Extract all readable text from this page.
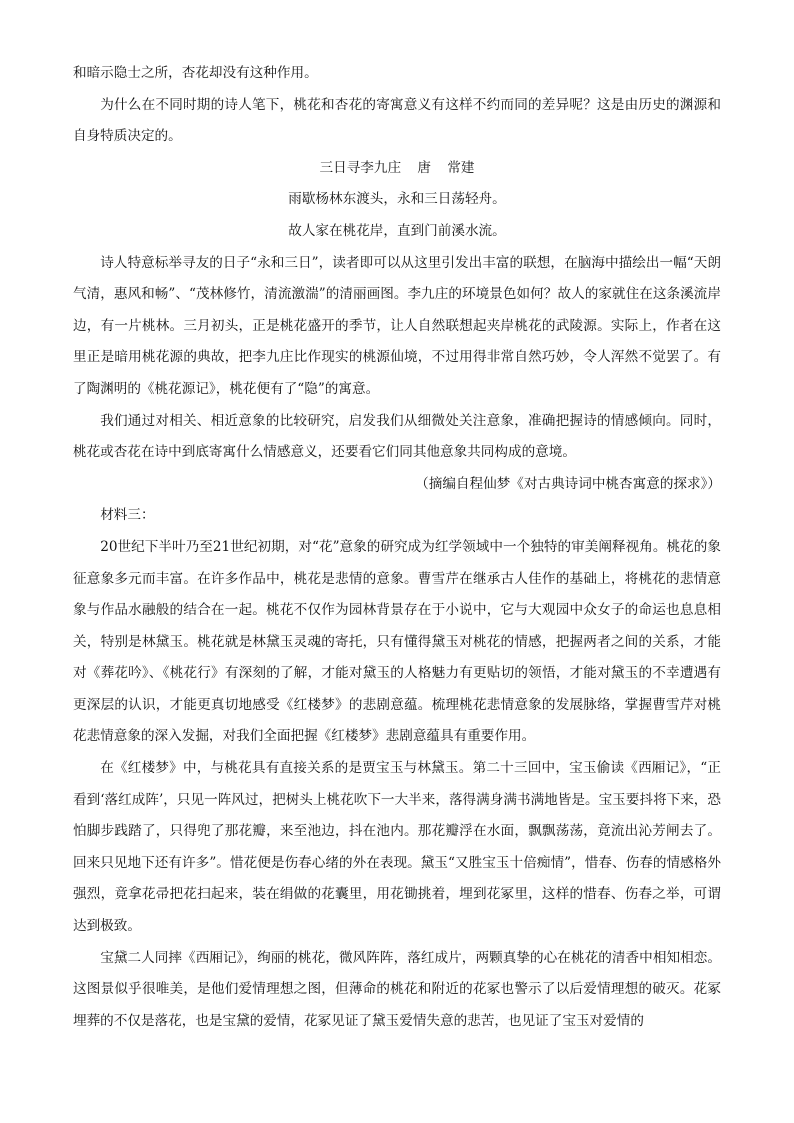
和暗示隐士之所，杏花却没有这种作用。

为什么在不同时期的诗人笔下，桃花和杏花的寄寓意义有这样不约而同的差异呢？这是由历史的渊源和自身特质决定的。

三日寻李九庄 唐 常建

雨歇杨林东渡头，永和三日荡轻舟。

故人家在桃花岸，直到门前溪水流。

诗人特意标举寻友的日子“永和三日”，读者即可以从这里引发出丰富的联想，在脑海中描绘出一幅“天朗气清，惠风和畅”、“茂林修竹，清流激湍”的清丽画图。李九庄的环境景色如何？故人的家就住在这条溪流岸边，有一片桃林。三月初头，正是桃花盛开的季节，让人自然联想起夹岸桃花的武陵源。实际上，作者在这里正是暗用桃花源的典故，把李九庄比作现实的桃源仙境，不过用得非常自然巧妙，令人浑然不觉罢了。有了陶渊明的《桃花源记》，桃花便有了“隐”的寓意。

我们通过对相关、相近意象的比较研究，启发我们从细微处关注意象，准确把握诗的情感倾向。同时，桃花或杏花在诗中到底寄寓什么情感意义，还要看它们同其他意象共同构成的意境。

（摘编自程仙梦《对古典诗词中桃杏寓意的探求》）

材料三：

20世纪下半叶乃至21世纪初期，对“花”意象的研究成为红学领域中一个独特的审美阐释视角。桃花的象征意象多元而丰富。在许多作品中，桃花是悲情的意象。曹雪芹在继承古人佳作的基础上，将桃花的悲情意象与作品水融般的结合在一起。桃花不仅作为园林背景存在于小说中，它与大观园中众女子的命运也息息相关，特别是林黛玉。桃花就是林黛玉灵魂的寄托，只有懂得黛玉对桃花的情感，把握两者之间的关系，才能对《葬花吟》、《桃花行》有深刻的了解，才能对黛玉的人格魅力有更贴切的领悟，才能对黛玉的不幸遭遇有更深层的认识，才能更真切地感受《红楼梦》的悲剧意蕴。梳理桃花悲情意象的发展脉络，掌握曹雪芹对桃花悲情意象的深入发掘，对我们全面把握《红楼梦》悲剧意蕴具有重要作用。

在《红楼梦》中，与桃花具有直接关系的是贾宝玉与林黛玉。第二十三回中，宝玉偷读《西厢记》，“正看到‘落红成阵’，只见一阵风过，把树头上桃花吹下一大半来，落得满身满书满地皆是。宝玉要抖将下来，恐怕脚步践踏了，只得兜了那花瓣，来至池边，抖在池内。那花瓣浮在水面，飘飘荡荡，竟流出沁芳闸去了。回来只见地下还有许多”。惜花便是伤春心绪的外在表现。黛玉“又胜宝玉十倍痴情”，惜春、伤春的情感格外强烈，竟拿花帚把花扫起来，装在绢做的花囊里，用花锄挑着，埋到花冢里，这样的惜春、伤春之举，可谓达到极致。

宝黛二人同摔《西厢记》，绚丽的桃花，微风阵阵，落红成片，两颗真挚的心在桃花的清香中相知相恋。这图景似乎很唯美，是他们爱情理想之图，但薄命的桃花和附近的花冢也警示了以后爱情理想的破灭。花冢埋葬的不仅是落花，也是宝黛的爱情，花冢见证了黛玉爱情失意的悲苦，也见证了宝玉对爱情的
